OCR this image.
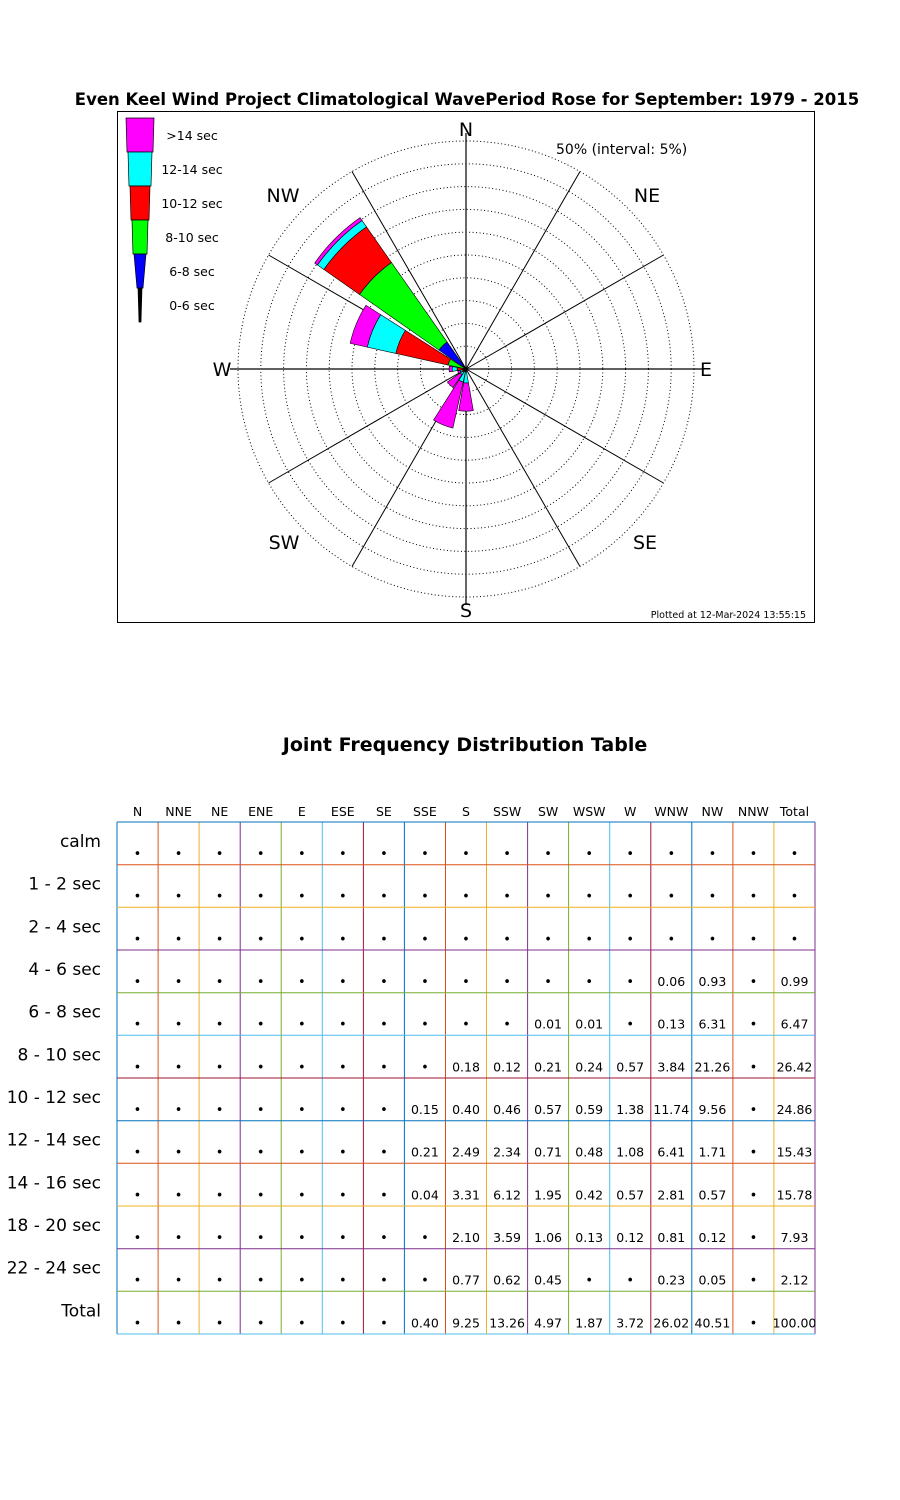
Even Keel Wind Project Climatological WavePeriod Rose for September: 1979 - 2015
N
NE
E
SE
S
SW
W
NW
50% (interval: 5%)
>14 sec
12-14 sec
10-12 sec
8-10 sec
6-8 sec
0-6 sec
Plotted at 12-Mar-2024 13:55:15
Joint Frequency Distribution Table
N NNE NE ENE E ESE SE SSE S SSW SW WSW W WNW NW NNW Total
calm
•	•	•	•	•	•	•	•	•	•	•	•	•	•	•	•	•
1 - 2 sec
•	•	•	•	•	•	•	•	•	•	•	•	•	•	•	•	•
2 - 4 sec
•	•	•	•	•	•	•	•	•	•	•	•	•	•	•	•	•
4 - 6 sec
•	•	•	•	•	•	•	•	•	•	•	•	• 0.06 0.93 • 0.99
6 - 8 sec
•	•	•	•	•	•	•	•	•	• 0.01 0.01 • 0.13 6.31 • 6.47
8 - 10 sec
•	•	•	•	•	•	•	• 0.18 0.12 0.21 0.24 0.57 3.84 21.26 • 26.42
10 - 12 sec
•	•	•	•	•	•	• 0.15 0.40 0.46 0.57 0.59 1.38 11.74 9.56 • 24.86
12 - 14 sec
•	•	•	•	•	•	• 0.21 2.49 2.34 0.71 0.48 1.08 6.41 1.71 • 15.43
14 - 16 sec
•	•	•	•	•	•	• 0.04 3.31 6.12 1.95 0.42 0.57 2.81 0.57 • 15.78
18 - 20 sec
•	•	•	•	•	•	•	• 2.10 3.59 1.06 0.13 0.12 0.81 0.12 • 7.93
22 - 24 sec
•	•	•	•	•	•	•	• 0.77 0.62 0.45 •	• 0.23 0.05 • 2.12
Total
•	•	•	•	•	•	• 0.40 9.25 13.26 4.97 1.87 3.72 26.02 40.51 • 100.00
